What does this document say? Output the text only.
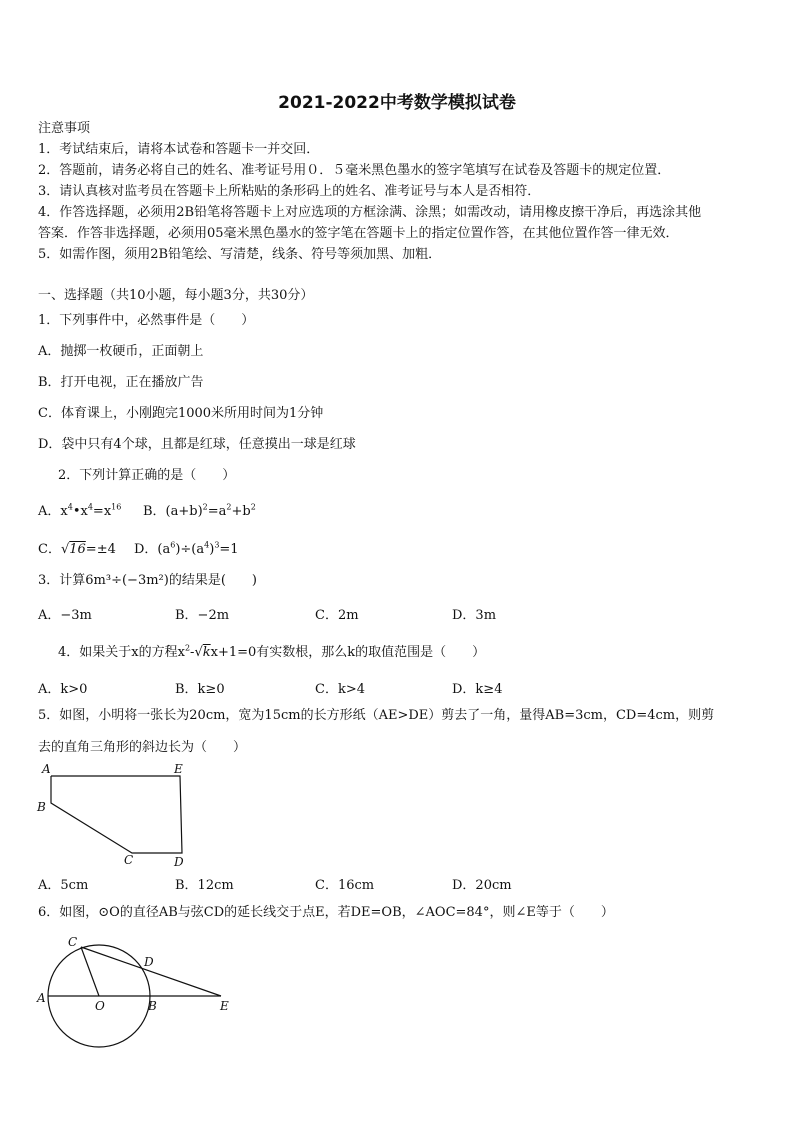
2021-2022中考数学模拟试卷
注意事项
1．考试结束后，请将本试卷和答题卡一并交回．
2．答题前，请务必将自己的姓名、准考证号用０．５毫米黑色墨水的签字笔填写在试卷及答题卡的规定位置．
3．请认真核对监考员在答题卡上所粘贴的条形码上的姓名、准考证号与本人是否相符．
4．作答选择题，必须用2B铅笔将答题卡上对应选项的方框涂满、涂黑；如需改动，请用橡皮擦干净后，再选涂其他
答案．作答非选择题，必须用05毫米黑色墨水的签字笔在答题卡上的指定位置作答，在其他位置作答一律无效．
5．如需作图，须用2B铅笔绘、写清楚，线条、符号等须加黑、加粗．
一、选择题（共10小题，每小题3分，共30分）
1．下列事件中，必然事件是（　　）
A．抛掷一枚硬币，正面朝上
B．打开电视，正在播放广告
C．体育课上，小刚跑完1000米所用时间为1分钟
D．袋中只有4个球，且都是红球，任意摸出一球是红球
2．下列计算正确的是（　　）
A．$x^4•x^4=x^{16}$ B．$(a+b)^2=a^2+b^2$
C．√16=±4 D．$(a^6)\div(a^4)^3=1$
3．计算6m³÷(−3m²)的结果是(　　)
A．−3m	B．−2m	C．2m	D．3m
4．如果关于x的方程$x^2-√kx+1=0$有实数根，那么k的取值范围是（　　）
A．k>0	B．k≥0	C．k>4	D．k≥4
5．如图，小明将一张长为20cm，宽为15cm的长方形纸（AE>DE）剪去了一角，量得AB=3cm，CD=4cm，则剪
去的直角三角形的斜边长为（　　）
A	E
B
C	D
A．5cm	B．12cm	C．16cm	D．20cm
6．如图，⊙O的直径AB与弦CD的延长线交于点E，若DE=OB，∠AOC=84°，则∠E等于（　　）
C
D
A
O	B	E
